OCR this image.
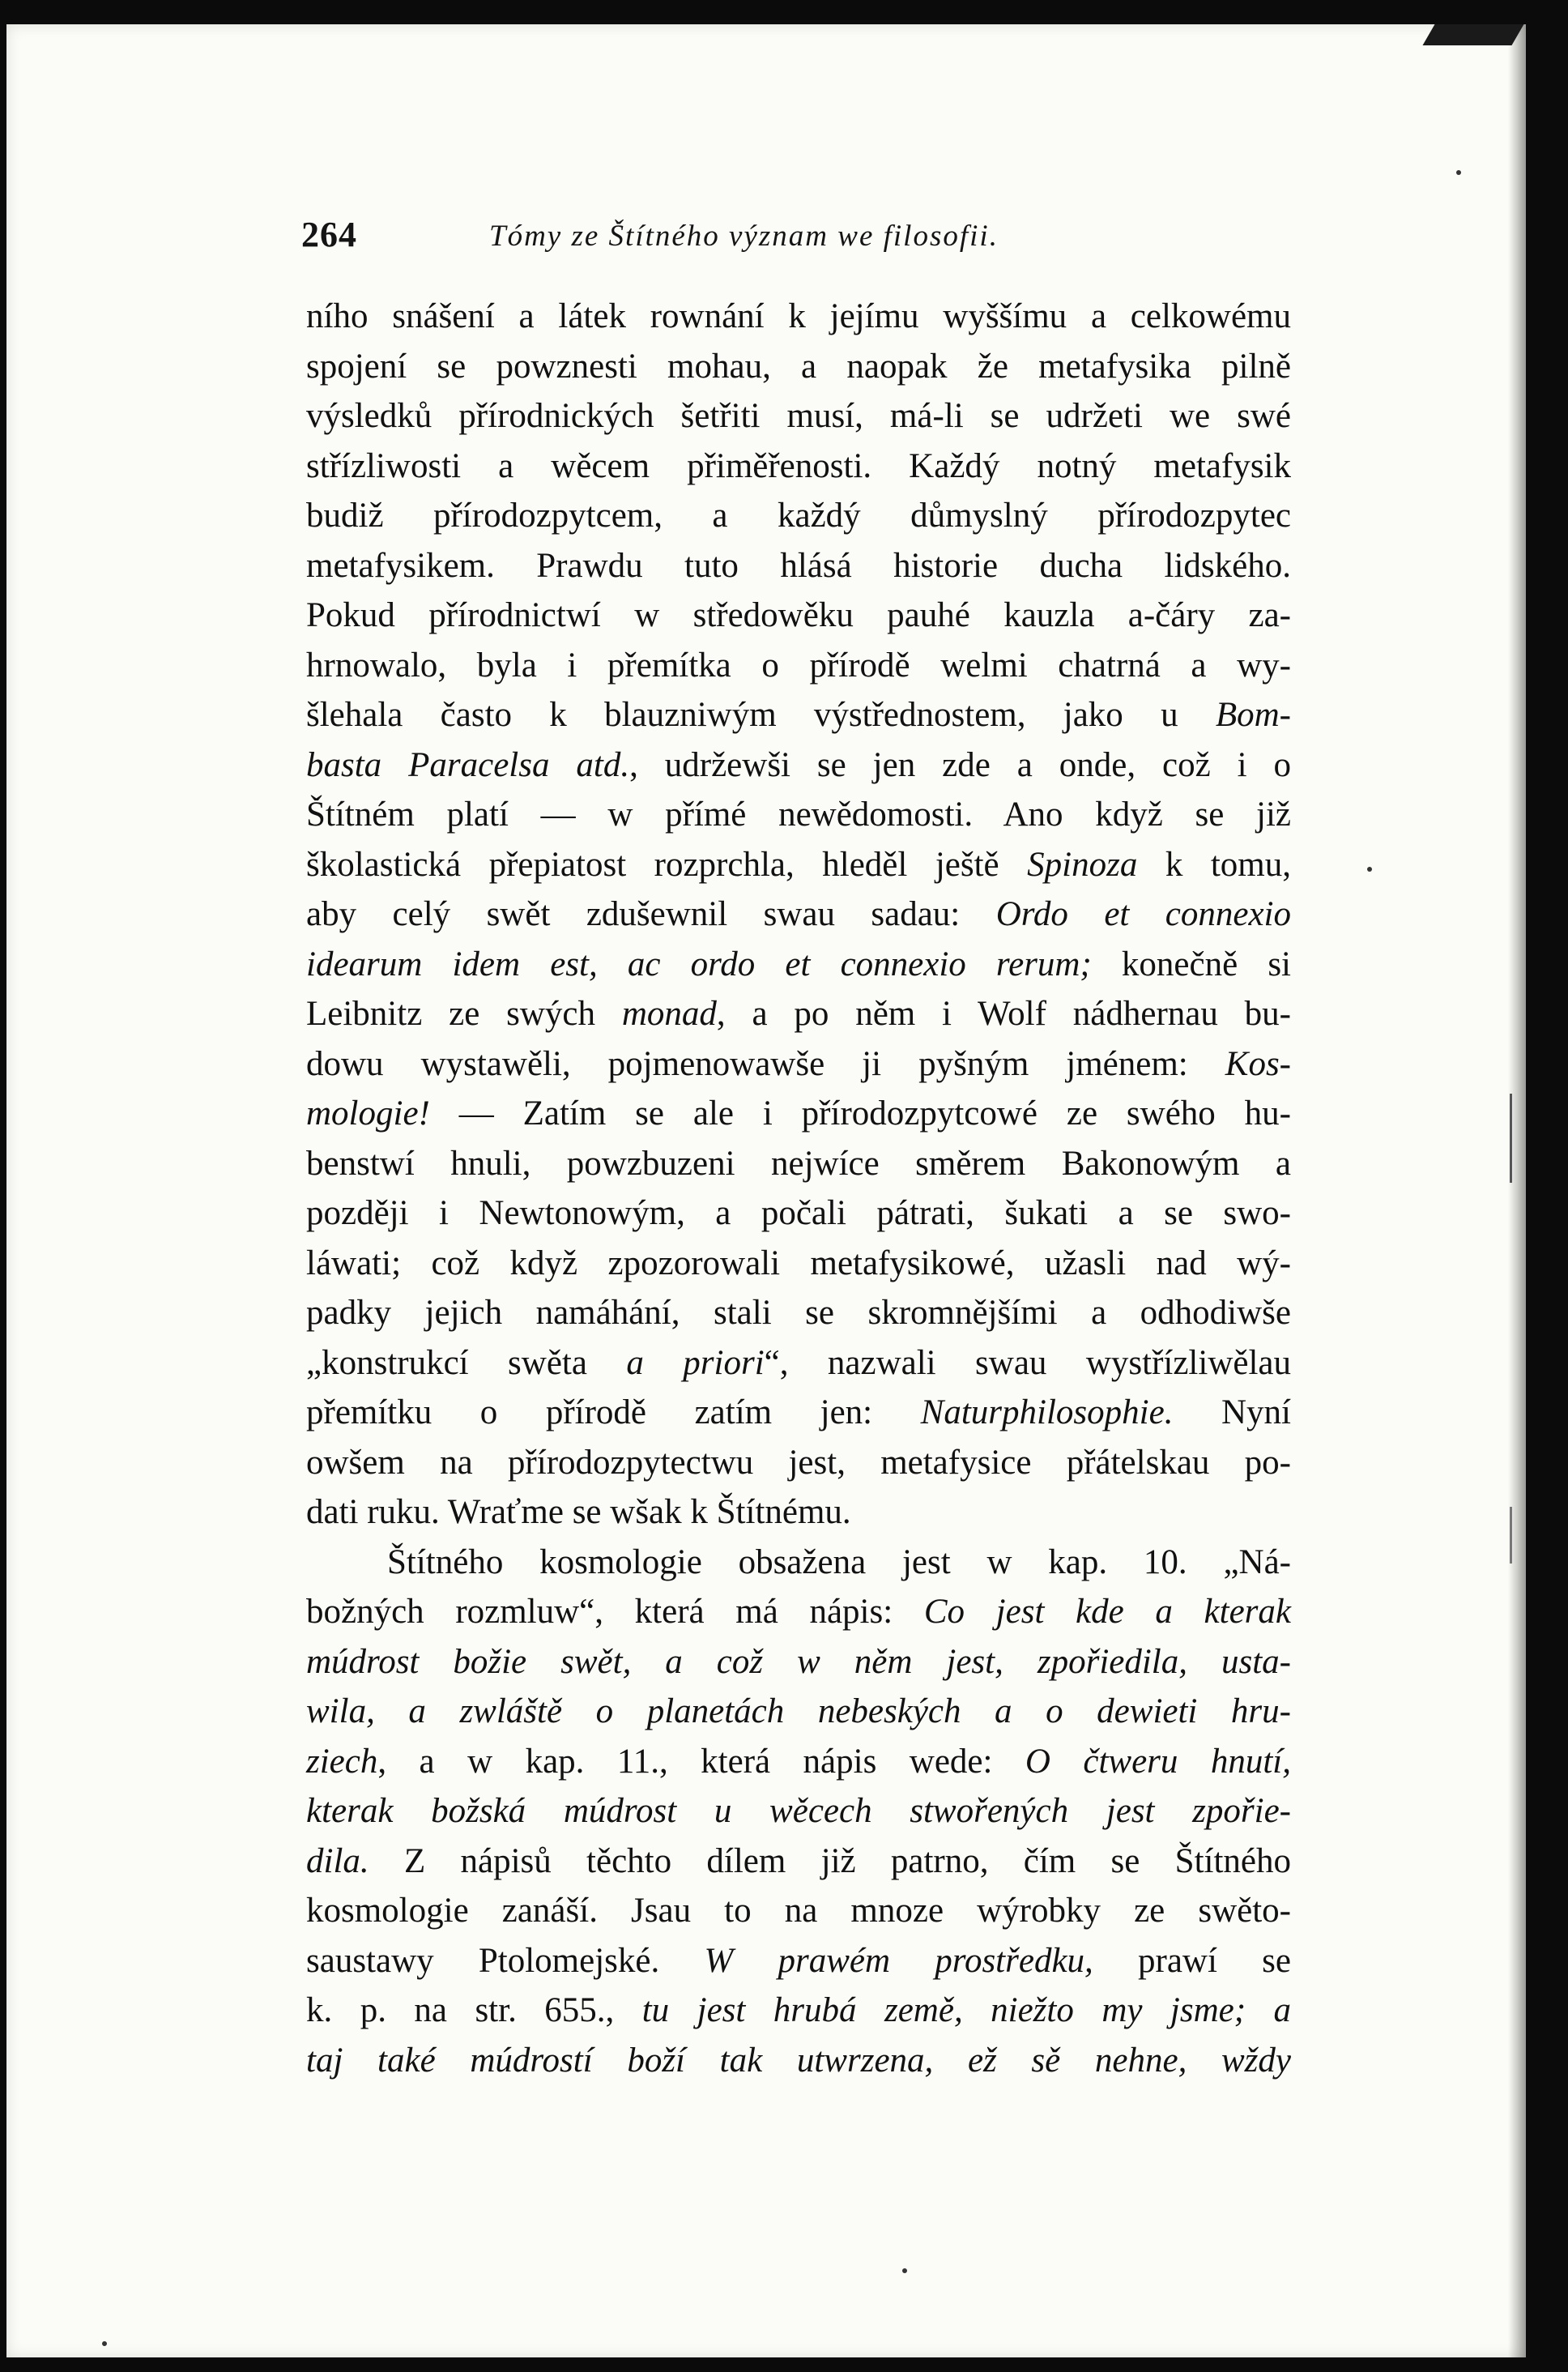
264	Tómy ze Štítného význam we filosofii.
ního snášení a látek rownání k jejímu wyššímu a celkowému
spojení se powznesti mohau, a naopak že metafysika pilně
výsledků přírodnických šetřiti musí, má-li se udržeti we swé
střízliwosti a wěcem přiměřenosti. Každý notný metafysik
budiž přírodozpytcem, a každý důmyslný přírodozpytec
metafysikem. Prawdu tuto hlásá historie ducha lidského.
Pokud přírodnictwí w středowěku pauhé kauzla a-čáry za-
hrnowalo, byla i přemítka o přírodě welmi chatrná a wy-
šlehala často k blauzniwým výstřednostem, jako u Bom-
basta Paracelsa atd., udržewši se jen zde a onde, což i o
Štítném platí — w přímé newědomosti. Ano když se již
školastická přepiatost rozprchla, hleděl ještě Spinoza k tomu,
aby celý swět zdušewnil swau sadau: Ordo et connexio
idearum idem est, ac ordo et connexio rerum; konečně si
Leibnitz ze swých monad, a po něm i Wolf nádhernau bu-
dowu wystawěli, pojmenowawše ji pyšným jménem: Kos-
mologie! — Zatím se ale i přírodozpytcowé ze swého hu-
benstwí hnuli, powzbuzeni nejwíce směrem Bakonowým a
později i Newtonowým, a počali pátrati, šukati a se swo-
láwati; což když zpozorowali metafysikowé, užasli nad wý-
padky jejich namáhání, stali se skromnějšími a odhodiwše
„konstrukcí swěta a priori“, nazwali swau wystřízliwělau
přemítku o přírodě zatím jen: Naturphilosophie. Nyní
owšem na přírodozpytectwu jest, metafysice přátelskau po-
dati ruku. Wraťme se wšak k Štítnému.
Štítného kosmologie obsažena jest w kap. 10. „Ná-
božných rozmluw“, která má nápis: Co jest kde a kterak
múdrost božie swět, a což w něm jest, zpořiedila, usta-
wila, a zwláště o planetách nebeských a o dewieti hru-
ziech, a w kap. 11., která nápis wede: O čtweru hnutí,
kterak božská múdrost u wěcech stwořených jest zpořie-
dila. Z nápisů těchto dílem již patrno, čím se Štítného
kosmologie zanáší. Jsau to na mnoze wýrobky ze swěto-
saustawy Ptolomejské. W prawém prostředku, prawí se
k. p. na str. 655., tu jest hrubá země, niežto my jsme; a
taj také múdrostí boží tak utwrzena, ež sě nehne, wždy
